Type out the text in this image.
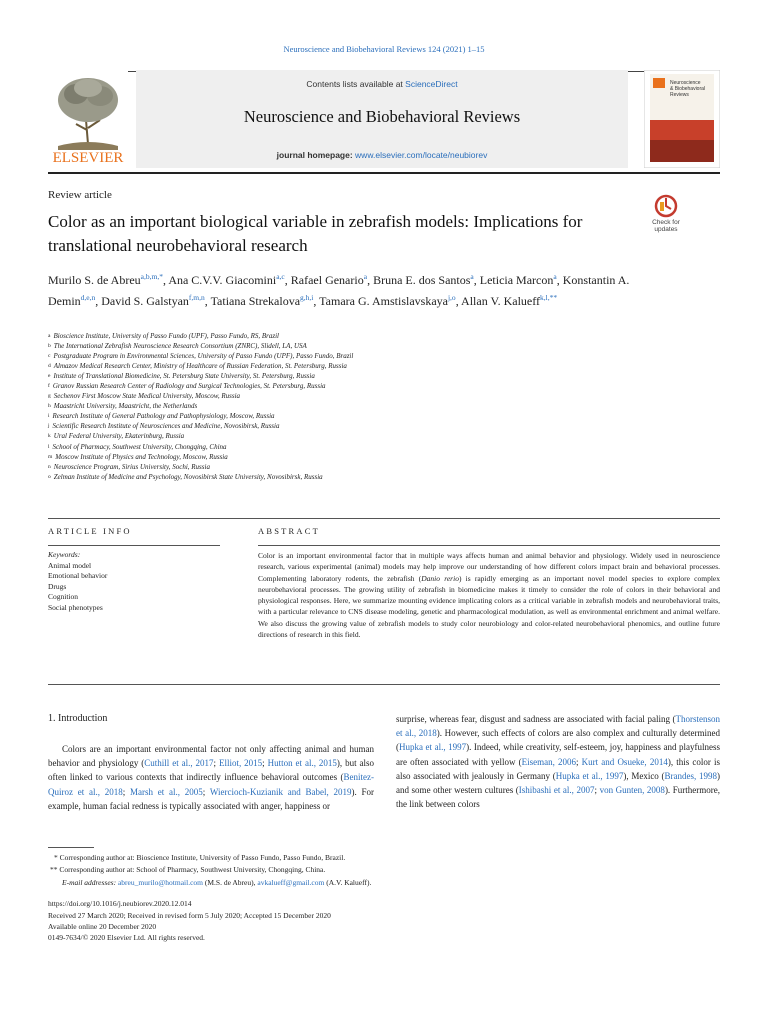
Neuroscience and Biobehavioral Reviews 124 (2021) 1–15
ELSEVIER
Contents lists available at ScienceDirect
Neuroscience and Biobehavioral Reviews
journal homepage: www.elsevier.com/locate/neubiorev
Neuroscience
& Biobehavioral
Reviews
Review article
Color as an important biological variable in zebrafish models: Implications for translational neurobehavioral research
Check for
updates
Murilo S. de Abreu$^{a,b,m,*}$, Ana C.V.V. Giacomini$^{a,c}$, Rafael Genario$^a$, Bruna E. dos Santos$^a$, Leticia Marcon$^a$, Konstantin A. Demin$^{d,e,n}$, David S. Galstyan$^{f,m,n}$, Tatiana Strekalova$^{g,h,i}$, Tamara G. Amstislavskaya$^{j,o}$, Allan V. Kalueff$^{k,l,**}$
$^a$ Bioscience Institute, University of Passo Fundo (UPF), Passo Fundo, RS, Brazil
$^b$ The International Zebrafish Neuroscience Research Consortium (ZNRC), Slidell, LA, USA
$^c$ Postgraduate Program in Environmental Sciences, University of Passo Fundo (UPF), Passo Fundo, Brazil
$^d$ Almazov Medical Research Center, Ministry of Healthcare of Russian Federation, St. Petersburg, Russia
$^e$ Institute of Translational Biomedicine, St. Petersburg State University, St. Petersburg, Russia
$^f$ Granov Russian Research Center of Radiology and Surgical Technologies, St. Petersburg, Russia
$^g$ Sechenov First Moscow State Medical University, Moscow, Russia
$^h$ Maastricht University, Maastricht, the Netherlands
$^i$ Research Institute of General Pathology and Pathophysiology, Moscow, Russia
$^j$ Scientific Research Institute of Neurosciences and Medicine, Novosibirsk, Russia
$^k$ Ural Federal University, Ekaterinburg, Russia
$^l$ School of Pharmacy, Southwest University, Chongqing, China
$^m$ Moscow Institute of Physics and Technology, Moscow, Russia
$^n$ Neuroscience Program, Sirius University, Sochi, Russia
$^o$ Zelman Institute of Medicine and Psychology, Novosibirsk State University, Novosibirsk, Russia
ARTICLE INFO	ABSTRACT
Keywords:
Animal model
Emotional behavior
Drugs
Cognition
Social phenotypes
Color is an important environmental factor that in multiple ways affects human and animal behavior and physiology. Widely used in neuroscience research, various experimental (animal) models may help improve our understanding of how different colors impact brain and behavioral processes. Complementing laboratory rodents, the zebrafish (Danio rerio) is rapidly emerging as an important novel model species to explore complex neurobehavioral processes. The growing utility of zebrafish in biomedicine makes it timely to consider the role of colors in their behavioral and physiological responses. Here, we summarize mounting evidence implicating colors as a critical variable in zebrafish models and neurobehavioral traits, with a particular relevance to CNS disease modeling, genetic and pharmacological modulation, as well as environmental enrichment and animal welfare. We also discuss the growing value of zebrafish models to study color neurobiology and color-related neurobehavioral phenomics, and outline future directions of research in this field.
1. Introduction
Colors are an important environmental factor not only affecting animal and human behavior and physiology (Cuthill et al., 2017; Elliot, 2015; Hutton et al., 2015), but also often linked to various contexts that indirectly influence behavioral outcomes (Benitez-Quiroz et al., 2018; Marsh et al., 2005; Wiercioch-Kuzianik and Babel, 2019). For example, human facial redness is typically associated with anger, happiness or
surprise, whereas fear, disgust and sadness are associated with facial paling (Thorstenson et al., 2018). However, such effects of colors are also complex and culturally determined (Hupka et al., 1997). Indeed, while creativity, self-esteem, joy, happiness and playfulness are often associated with yellow (Eiseman, 2006; Kurt and Osueke, 2014), this color is also associated with jealously in Germany (Hupka et al., 1997), Mexico (Brandes, 1998) and some other western cultures (Ishibashi et al., 2007; von Gunten, 2008). Furthermore, the link between colors
* Corresponding author at: Bioscience Institute, University of Passo Fundo, Passo Fundo, Brazil.
** Corresponding author at: School of Pharmacy, Southwest University, Chongqing, China.
E-mail addresses: abreu_murilo@hotmail.com (M.S. de Abreu), avkalueff@gmail.com (A.V. Kalueff).
https://doi.org/10.1016/j.neubiorev.2020.12.014
Received 27 March 2020; Received in revised form 5 July 2020; Accepted 15 December 2020
Available online 20 December 2020
0149-7634/© 2020 Elsevier Ltd. All rights reserved.
